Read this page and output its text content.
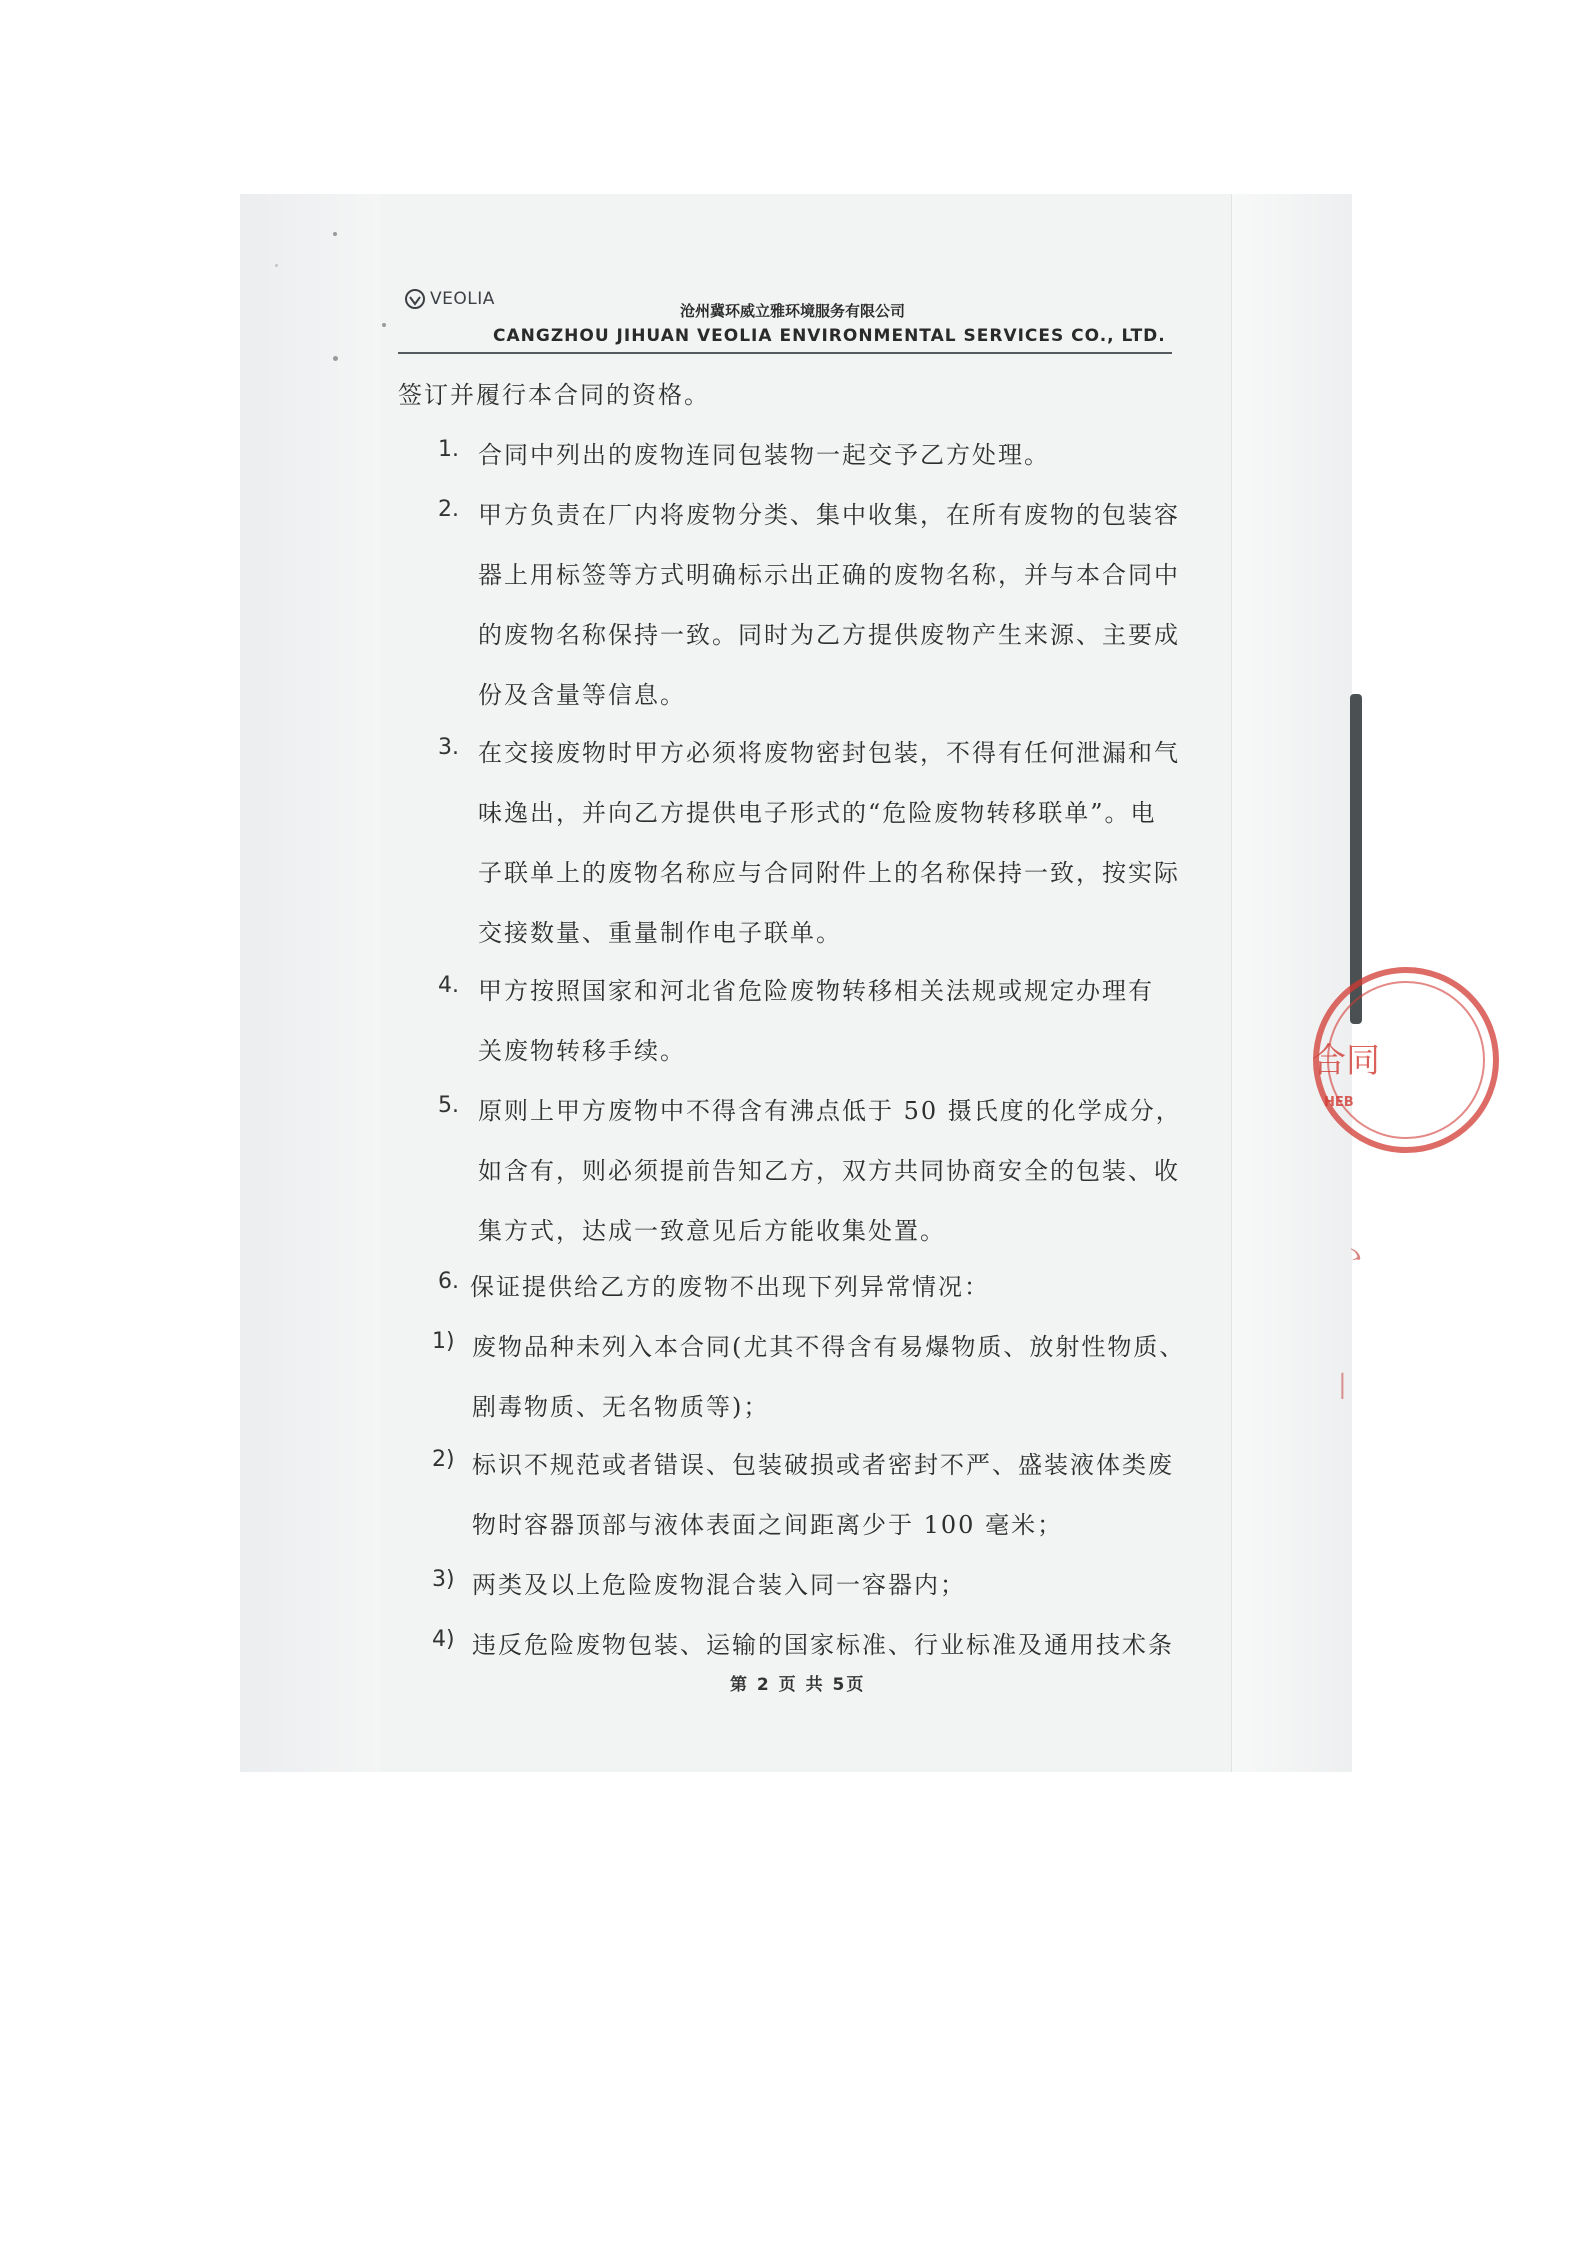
VEOLIA
沧州冀环威立雅环境服务有限公司
CANGZHOU JIHUAN VEOLIA ENVIRONMENTAL SERVICES CO., LTD.
签订并履行本合同的资格。
1. 合同中列出的废物连同包装物一起交予乙方处理。
2. 甲方负责在厂内将废物分类、集中收集，在所有废物的包装容
器上用标签等方式明确标示出正确的废物名称，并与本合同中
的废物名称保持一致。同时为乙方提供废物产生来源、主要成
份及含量等信息。
3. 在交接废物时甲方必须将废物密封包装，不得有任何泄漏和气
味逸出，并向乙方提供电子形式的“危险废物转移联单”。电
子联单上的废物名称应与合同附件上的名称保持一致，按实际
交接数量、重量制作电子联单。
4. 甲方按照国家和河北省危险废物转移相关法规或规定办理有
关废物转移手续。
5. 原则上甲方废物中不得含有沸点低于 50 摄氏度的化学成分，
如含有，则必须提前告知乙方，双方共同协商安全的包装、收
集方式，达成一致意见后方能收集处置。
6. 保证提供给乙方的废物不出现下列异常情况：
1) 废物品种未列入本合同(尤其不得含有易爆物质、放射性物质、
剧毒物质、无名物质等)；
2) 标识不规范或者错误、包装破损或者密封不严、盛装液体类废
物时容器顶部与液体表面之间距离少于 100 毫米；
3) 两类及以上危险废物混合装入同一容器内；
4) 违反危险废物包装、运输的国家标准、行业标准及通用技术条
第 2 页 共 5页
合同
HEB
ゝ
|
